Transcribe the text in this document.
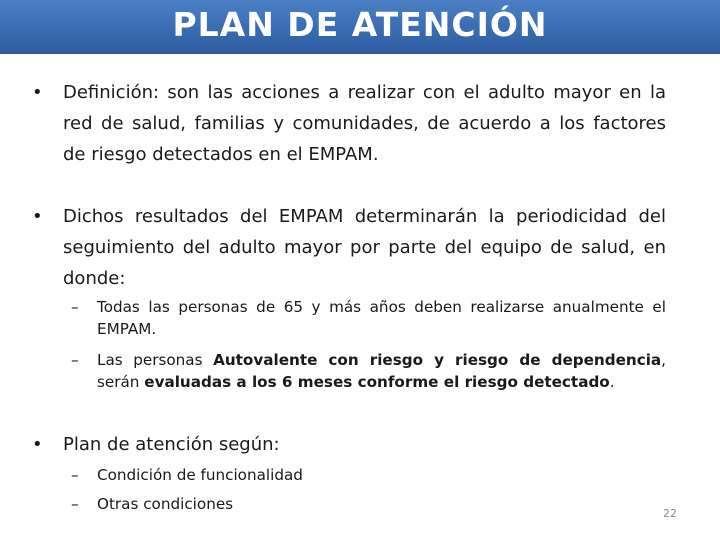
PLAN DE ATENCIÓN
• Definición: son las acciones a realizar con el adulto mayor en la red de salud, familias y comunidades, de acuerdo a los factores de riesgo detectados en el EMPAM.
• Dichos resultados del EMPAM determinarán la periodicidad del seguimiento del adulto mayor por parte del equipo de salud, en donde:
– Todas las personas de 65 y más años deben realizarse anualmente el EMPAM.
– Las personas Autovalente con riesgo y riesgo de dependencia, serán evaluadas a los 6 meses conforme el riesgo detectado.
• Plan de atención según:
– Condición de funcionalidad
– Otras condiciones
22
